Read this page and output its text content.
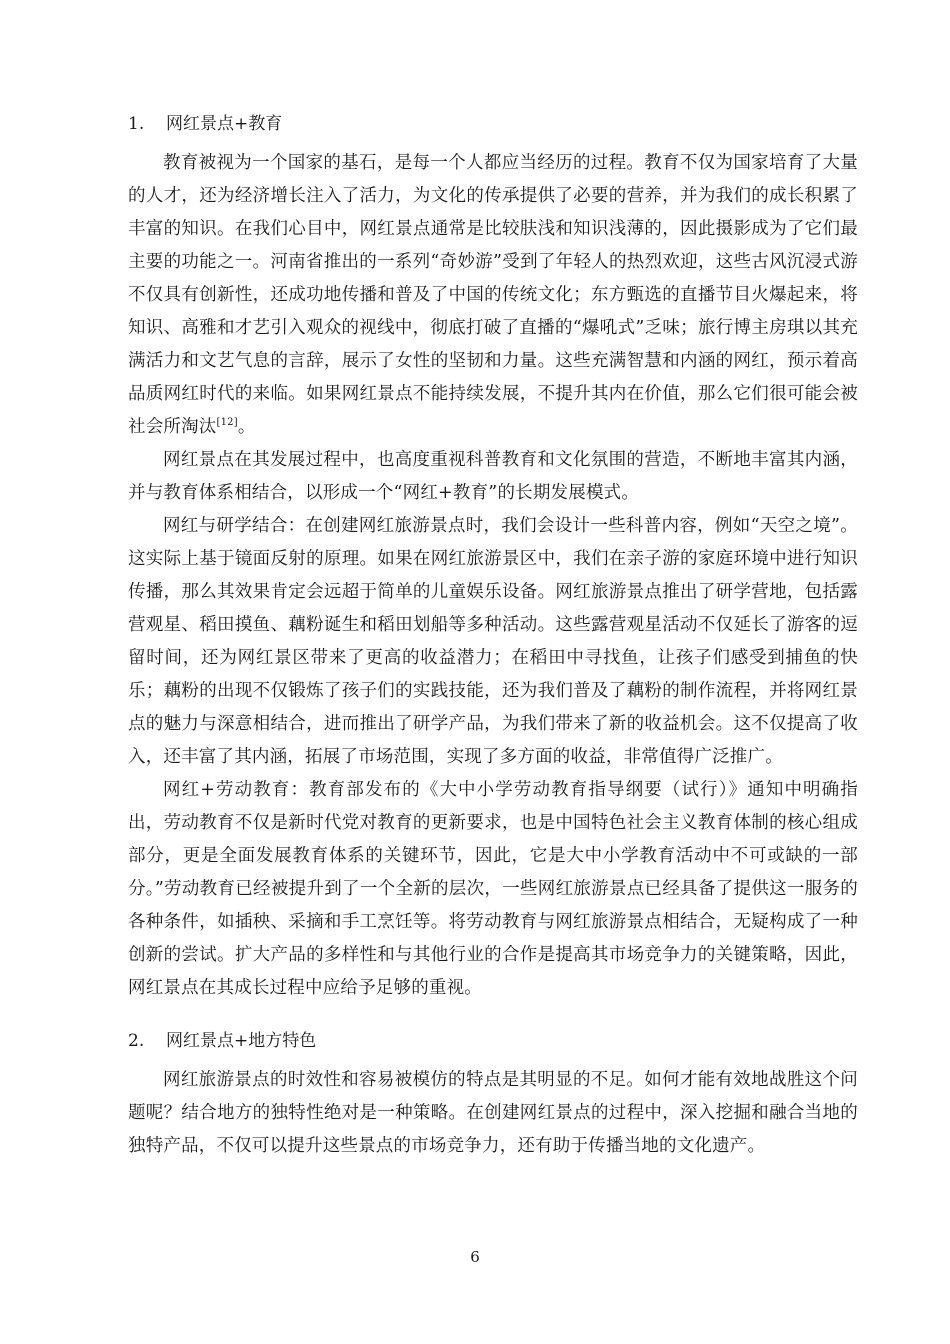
1. 网红景点+教育

教育被视为一个国家的基石，是每一个人都应当经历的过程。教育不仅为国家培育了大量的人才，还为经济增长注入了活力，为文化的传承提供了必要的营养，并为我们的成长积累了丰富的知识。在我们心目中，网红景点通常是比较肤浅和知识浅薄的，因此摄影成为了它们最主要的功能之一。河南省推出的一系列“奇妙游”受到了年轻人的热烈欢迎，这些古风沉浸式游不仅具有创新性，还成功地传播和普及了中国的传统文化；东方甄选的直播节目火爆起来，将知识、高雅和才艺引入观众的视线中，彻底打破了直播的“爆吼式”乏味；旅行博主房琪以其充满活力和文艺气息的言辞，展示了女性的坚韧和力量。这些充满智慧和内涵的网红，预示着高品质网红时代的来临。如果网红景点不能持续发展，不提升其内在价值，那么它们很可能会被社会所淘汰[12]。

网红景点在其发展过程中，也高度重视科普教育和文化氛围的营造，不断地丰富其内涵，并与教育体系相结合，以形成一个“网红+教育”的长期发展模式。

网红与研学结合：在创建网红旅游景点时，我们会设计一些科普内容，例如“天空之境”。这实际上基于镜面反射的原理。如果在网红旅游景区中，我们在亲子游的家庭环境中进行知识传播，那么其效果肯定会远超于简单的儿童娱乐设备。网红旅游景点推出了研学营地，包括露营观星、稻田摸鱼、藕粉诞生和稻田划船等多种活动。这些露营观星活动不仅延长了游客的逗留时间，还为网红景区带来了更高的收益潜力；在稻田中寻找鱼，让孩子们感受到捕鱼的快乐；藕粉的出现不仅锻炼了孩子们的实践技能，还为我们普及了藕粉的制作流程，并将网红景点的魅力与深意相结合，进而推出了研学产品，为我们带来了新的收益机会。这不仅提高了收入，还丰富了其内涵，拓展了市场范围，实现了多方面的收益，非常值得广泛推广。

网红+劳动教育：教育部发布的《大中小学劳动教育指导纲要（试行）》通知中明确指出，劳动教育不仅是新时代党对教育的更新要求，也是中国特色社会主义教育体制的核心组成部分，更是全面发展教育体系的关键环节，因此，它是大中小学教育活动中不可或缺的一部分。”劳动教育已经被提升到了一个全新的层次，一些网红旅游景点已经具备了提供这一服务的各种条件，如插秧、采摘和手工烹饪等。将劳动教育与网红旅游景点相结合，无疑构成了一种创新的尝试。扩大产品的多样性和与其他行业的合作是提高其市场竞争力的关键策略，因此，网红景点在其成长过程中应给予足够的重视。

2. 网红景点+地方特色

网红旅游景点的时效性和容易被模仿的特点是其明显的不足。如何才能有效地战胜这个问题呢？结合地方的独特性绝对是一种策略。在创建网红景点的过程中，深入挖掘和融合当地的独特产品，不仅可以提升这些景点的市场竞争力，还有助于传播当地的文化遗产。

6
